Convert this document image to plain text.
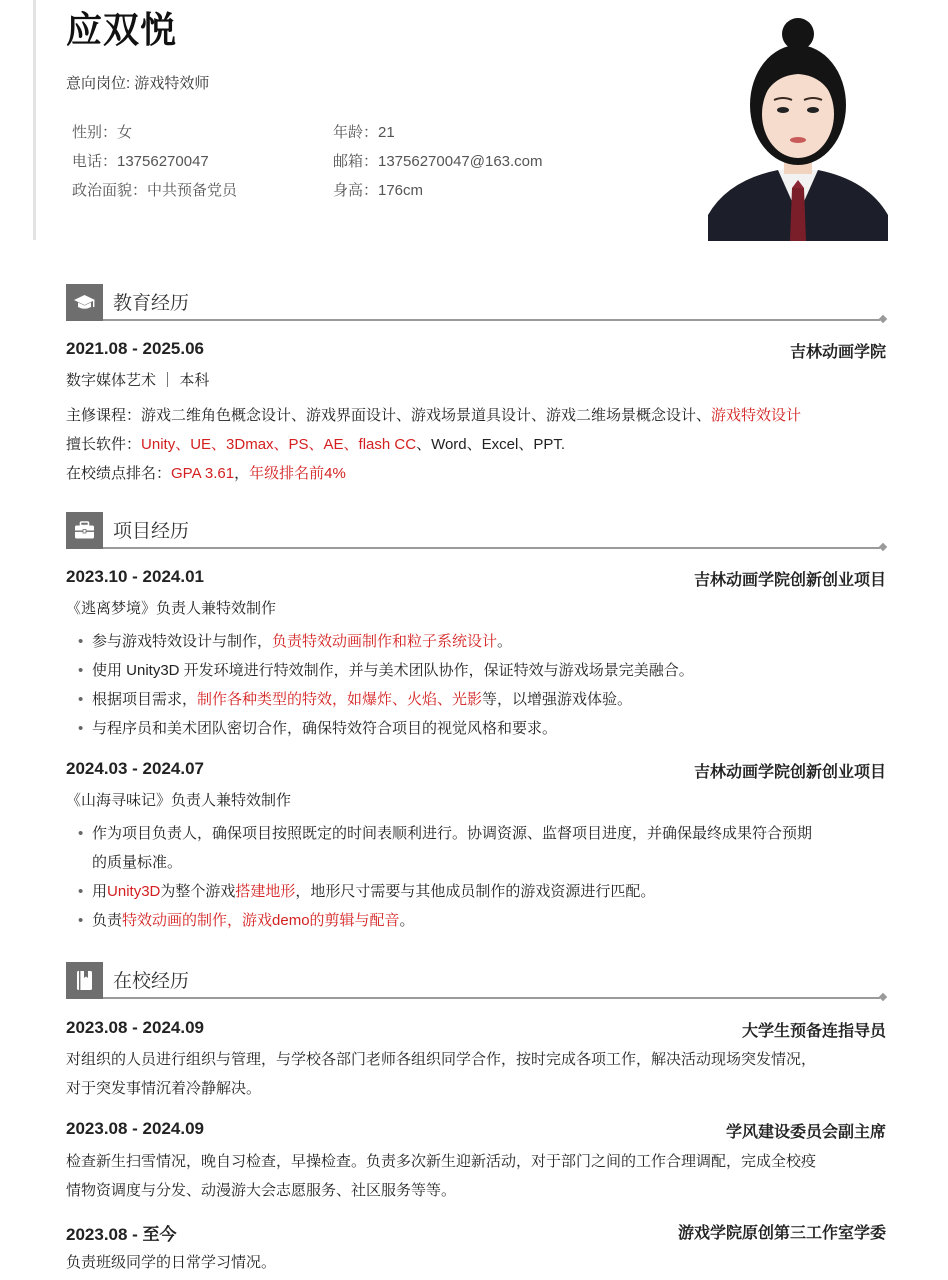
应双悦
意向岗位: 游戏特效师
性别：女	年龄：21
电话：13756270047	邮箱：13756270047@163.com
政治面貌：中共预备党员	身高：176cm
教育经历
2021.08 - 2025.06	吉林动画学院
数字媒体艺术 ｜ 本科
主修课程：游戏二维角色概念设计、游戏界面设计、游戏场景道具设计、游戏二维场景概念设计、游戏特效设计
擅长软件：Unity、UE、3Dmax、PS、AE、flash CC、Word、Excel、PPT.
在校绩点排名：GPA 3.61，年级排名前4%
项目经历
2023.10 - 2024.01	吉林动画学院创新创业项目
《逃离梦境》负责人兼特效制作
• 参与游戏特效设计与制作，负责特效动画制作和粒子系统设计。
• 使用 Unity3D 开发环境进行特效制作，并与美术团队协作，保证特效与游戏场景完美融合。
• 根据项目需求，制作各种类型的特效，如爆炸、火焰、光影等，以增强游戏体验。
• 与程序员和美术团队密切合作，确保特效符合项目的视觉风格和要求。
2024.03 - 2024.07	吉林动画学院创新创业项目
《山海寻味记》负责人兼特效制作
• 作为项目负责人，确保项目按照既定的时间表顺利进行。协调资源、监督项目进度，并确保最终成果符合预期
的质量标准。
• 用Unity3D为整个游戏搭建地形，地形尺寸需要与其他成员制作的游戏资源进行匹配。
• 负责特效动画的制作，游戏demo的剪辑与配音。
在校经历
2023.08 - 2024.09	大学生预备连指导员
对组织的人员进行组织与管理，与学校各部门老师各组织同学合作，按时完成各项工作，解决活动现场突发情况，
对于突发事情沉着冷静解决。
2023.08 - 2024.09	学风建设委员会副主席
检查新生扫雪情况，晚自习检查，早操检查。负责多次新生迎新活动，对于部门之间的工作合理调配，完成全校疫
情物资调度与分发、动漫游大会志愿服务、社区服务等等。
2023.08 - 至今	游戏学院原创第三工作室学委
负责班级同学的日常学习情况。
